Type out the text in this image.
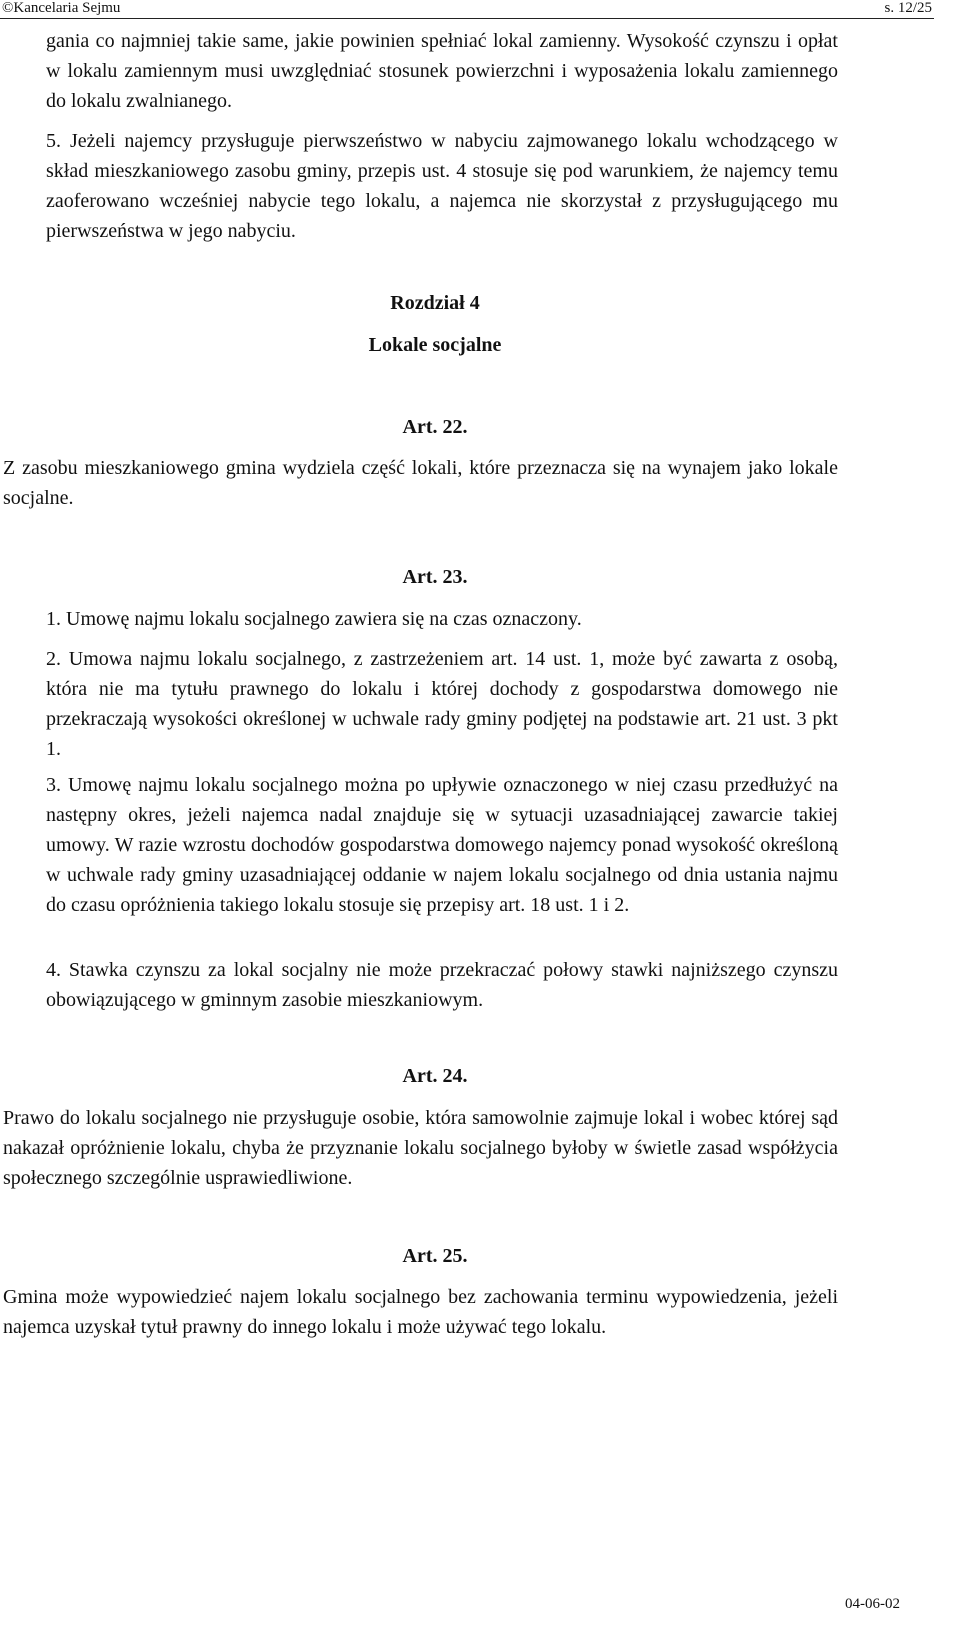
©Kancelaria Sejmu	s. 12/25
gania co najmniej takie same, jakie powinien spełniać lokal zamienny. Wysokość czynszu i opłat w lokalu zamiennym musi uwzględniać stosunek powierzchni i wyposażenia lokalu zamiennego do lokalu zwalnianego.
5. Jeżeli najemcy przysługuje pierwszeństwo w nabyciu zajmowanego lokalu wchodzącego w skład mieszkaniowego zasobu gminy, przepis ust. 4 stosuje się pod warunkiem, że najemcy temu zaoferowano wcześniej nabycie tego lokalu, a najemca nie skorzystał z przysługującego mu pierwszeństwa w jego nabyciu.
Rozdział 4
Lokale socjalne
Art. 22.
Z zasobu mieszkaniowego gmina wydziela część lokali, które przeznacza się na wynajem jako lokale socjalne.
Art. 23.
1. Umowę najmu lokalu socjalnego zawiera się na czas oznaczony.
2. Umowa najmu lokalu socjalnego, z zastrzeżeniem art. 14 ust. 1, może być zawarta z osobą, która nie ma tytułu prawnego do lokalu i której dochody z gospodarstwa domowego nie przekraczają wysokości określonej w uchwale rady gminy podjętej na podstawie art. 21 ust. 3 pkt 1.
3. Umowę najmu lokalu socjalnego można po upływie oznaczonego w niej czasu przedłużyć na następny okres, jeżeli najemca nadal znajduje się w sytuacji uzasadniającej zawarcie takiej umowy. W razie wzrostu dochodów gospodarstwa domowego najemcy ponad wysokość określoną w uchwale rady gminy uzasadniającej oddanie w najem lokalu socjalnego od dnia ustania najmu do czasu opróżnienia takiego lokalu stosuje się przepisy art. 18 ust. 1 i 2.
4. Stawka czynszu za lokal socjalny nie może przekraczać połowy stawki najniższego czynszu obowiązującego w gminnym zasobie mieszkaniowym.
Art. 24.
Prawo do lokalu socjalnego nie przysługuje osobie, która samowolnie zajmuje lokal i wobec której sąd nakazał opróżnienie lokalu, chyba że przyznanie lokalu socjalnego byłoby w świetle zasad współżycia społecznego szczególnie usprawiedliwione.
Art. 25.
Gmina może wypowiedzieć najem lokalu socjalnego bez zachowania terminu wypowiedzenia, jeżeli najemca uzyskał tytuł prawny do innego lokalu i może używać tego lokalu.
04-06-02
